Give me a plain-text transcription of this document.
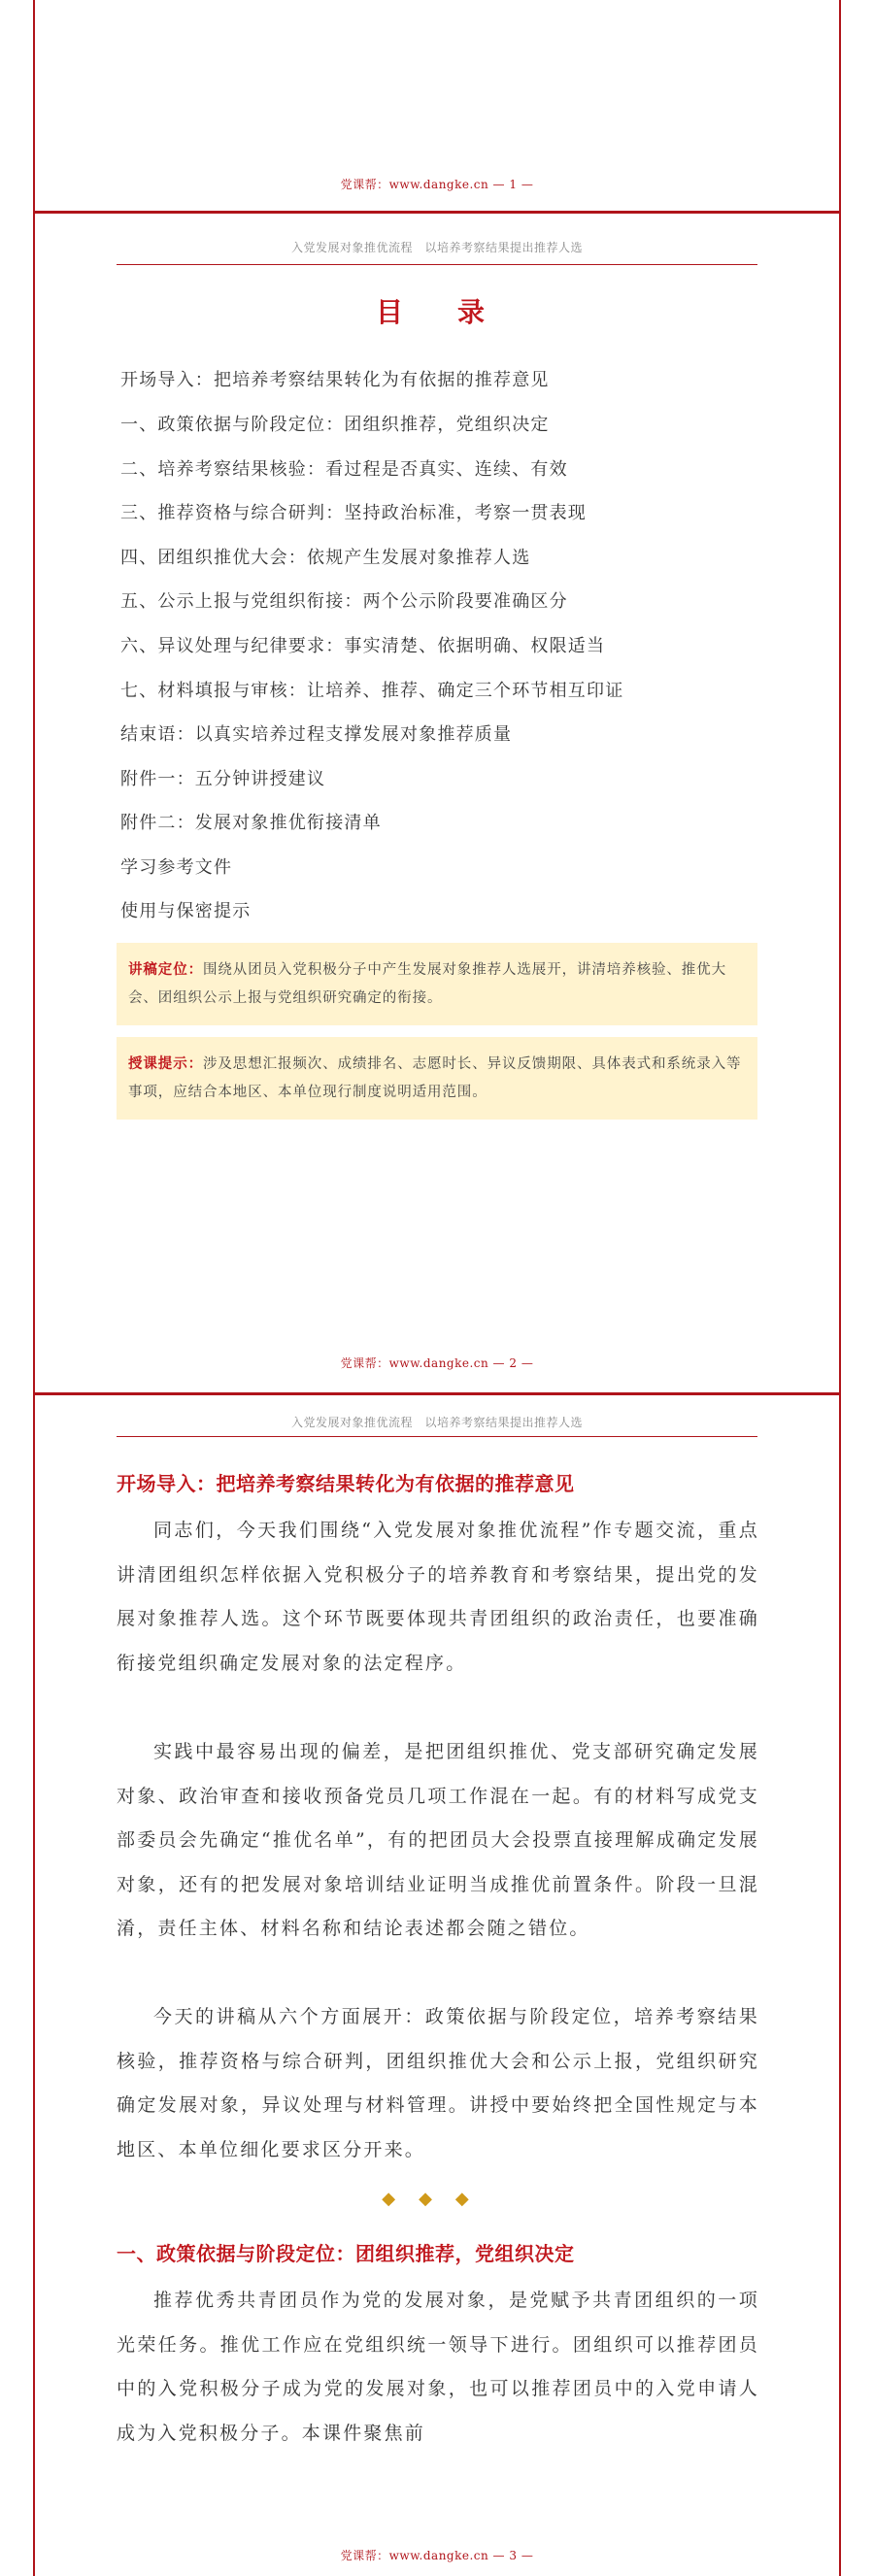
党课帮：www.dangke.cn — 1 —
入党发展对象推优流程　以培养考察结果提出推荐人选
目　录
开场导入：把培养考察结果转化为有依据的推荐意见
一、政策依据与阶段定位：团组织推荐，党组织决定
二、培养考察结果核验：看过程是否真实、连续、有效
三、推荐资格与综合研判：坚持政治标准，考察一贯表现
四、团组织推优大会：依规产生发展对象推荐人选
五、公示上报与党组织衔接：两个公示阶段要准确区分
六、异议处理与纪律要求：事实清楚、依据明确、权限适当
七、材料填报与审核：让培养、推荐、确定三个环节相互印证
结束语：以真实培养过程支撑发展对象推荐质量
附件一：五分钟讲授建议
附件二：发展对象推优衔接清单
学习参考文件
使用与保密提示
讲稿定位：围绕从团员入党积极分子中产生发展对象推荐人选展开，讲清培养核验、推优大会、团组织公示上报与党组织研究确定的衔接。
授课提示：涉及思想汇报频次、成绩排名、志愿时长、异议反馈期限、具体表式和系统录入等事项，应结合本地区、本单位现行制度说明适用范围。
党课帮：www.dangke.cn — 2 —
入党发展对象推优流程　以培养考察结果提出推荐人选
开场导入：把培养考察结果转化为有依据的推荐意见

同志们，今天我们围绕“入党发展对象推优流程”作专题交流，重点讲清团组织怎样依据入党积极分子的培养教育和考察结果，提出党的发展对象推荐人选。这个环节既要体现共青团组织的政治责任，也要准确衔接党组织确定发展对象的法定程序。

实践中最容易出现的偏差，是把团组织推优、党支部研究确定发展对象、政治审查和接收预备党员几项工作混在一起。有的材料写成党支部委员会先确定“推优名单”，有的把团员大会投票直接理解成确定发展对象，还有的把发展对象培训结业证明当成推优前置条件。阶段一旦混淆，责任主体、材料名称和结论表述都会随之错位。

今天的讲稿从六个方面展开：政策依据与阶段定位，培养考察结果核验，推荐资格与综合研判，团组织推优大会和公示上报，党组织研究确定发展对象，异议处理与材料管理。讲授中要始终把全国性规定与本地区、本单位细化要求区分开来。

◆◆◆
一、政策依据与阶段定位：团组织推荐，党组织决定

推荐优秀共青团员作为党的发展对象，是党赋予共青团组织的一项光荣任务。推优工作应在党组织统一领导下进行。团组织可以推荐团员中的入党积极分子成为党的发展对象，也可以推荐团员中的入党申请人成为入党积极分子。本课件聚焦前

党课帮：www.dangke.cn — 3 —
